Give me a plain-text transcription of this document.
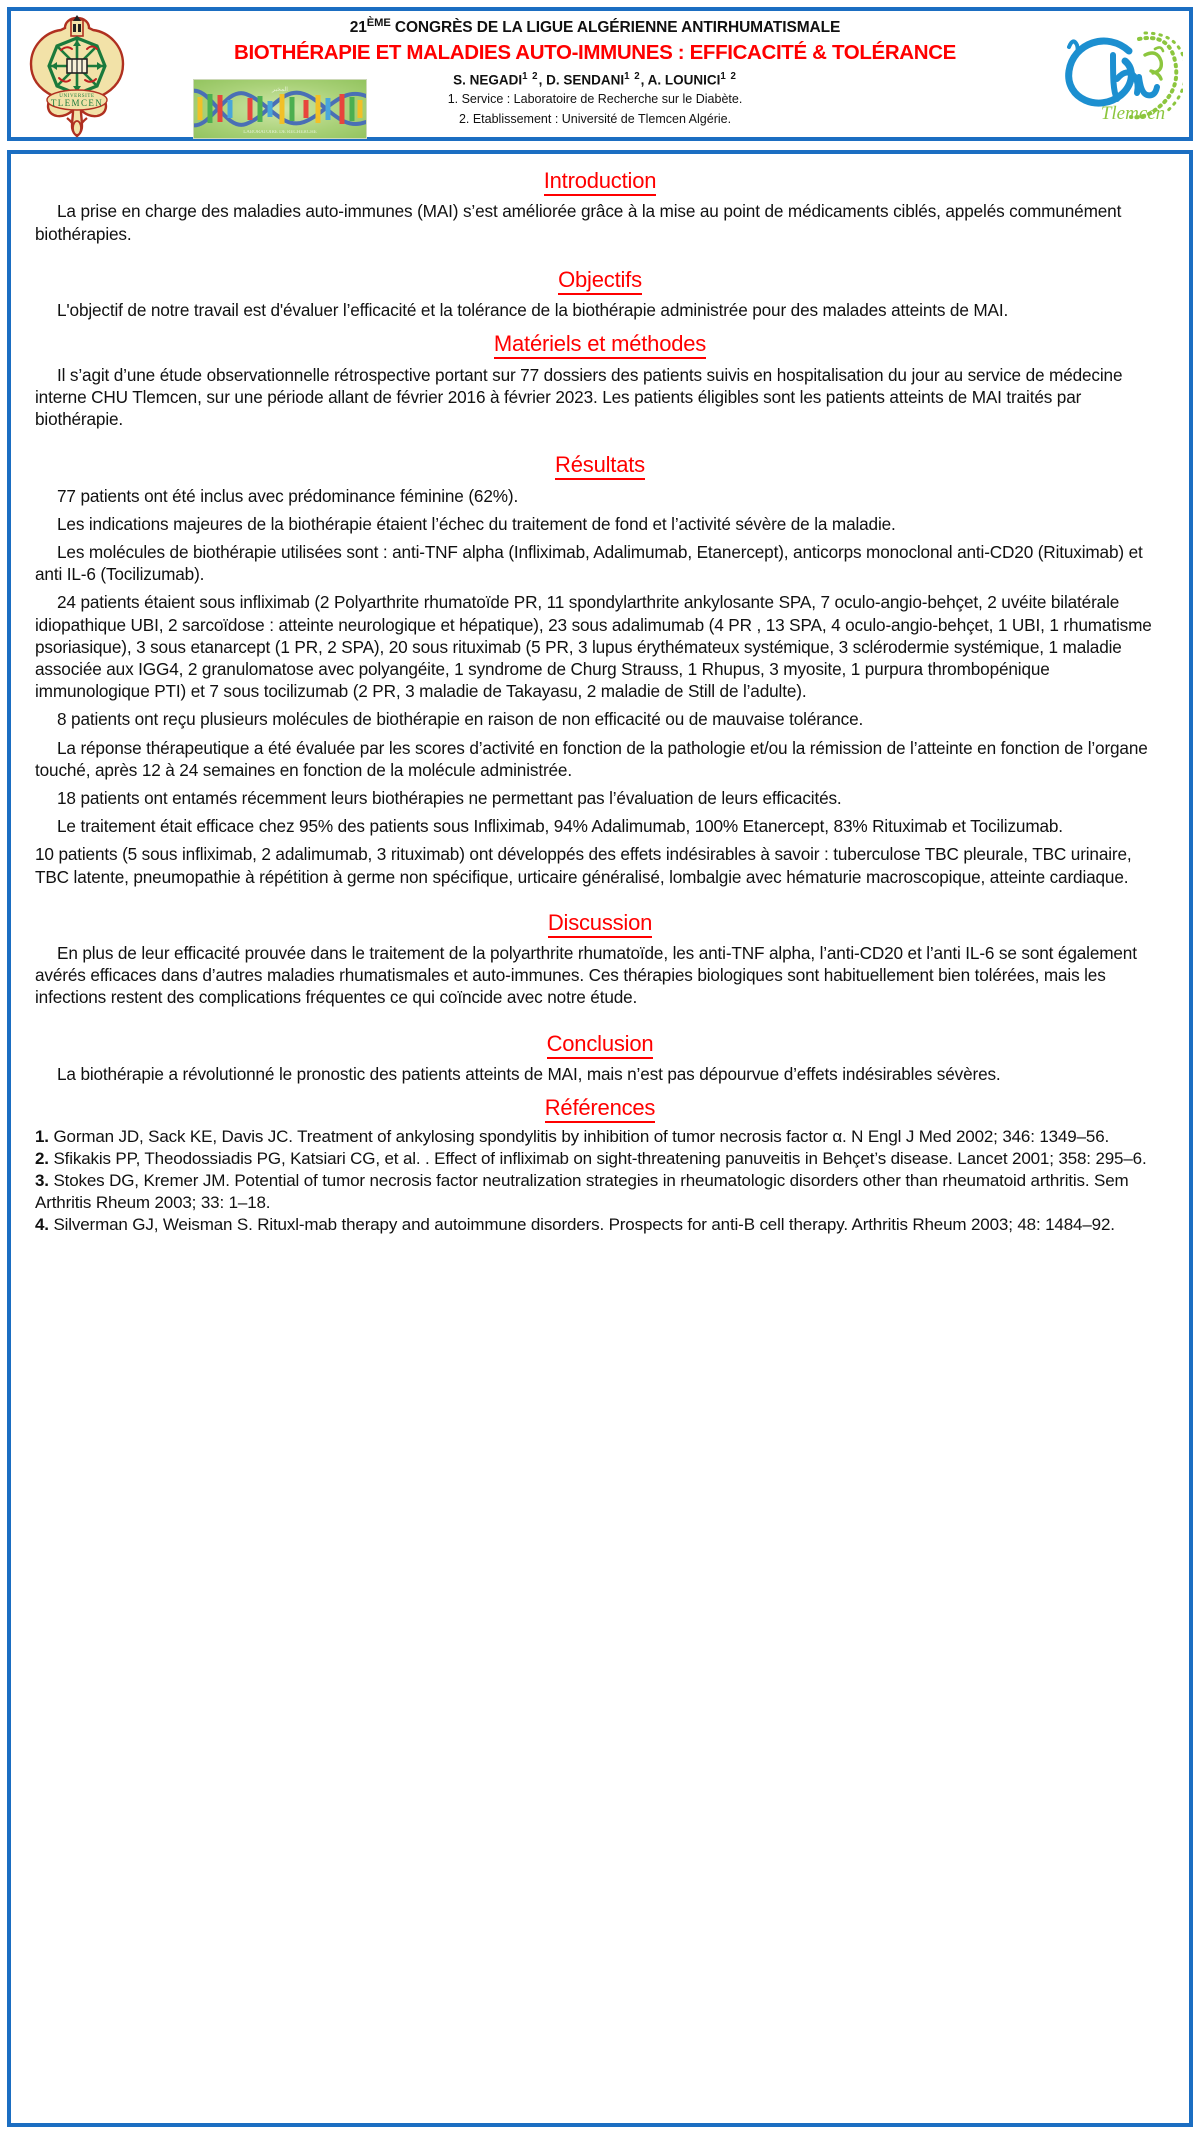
UNIVERSITE
TLEMCEN
المخبر
LABORATOIRE DE RECHERCHE
Tlemcen
21ÈME CONGRÈS DE LA LIGUE ALGÉRIENNE ANTIRHUMATISMALE
BIOTHÉRAPIE ET MALADIES AUTO-IMMUNES : EFFICACITÉ & TOLÉRANCE
S. $NEGADI^{1 2}$, D. $SENDANI^{1 2}$, A. $LOUNICI^{1 2}$
1. Service : Laboratoire de Recherche sur le Diabète.
2. Etablissement : Université de Tlemcen Algérie.
Introduction

La prise en charge des maladies auto-immunes (MAI) s’est améliorée grâce à la mise au point de médicaments ciblés, appelés communément biothérapies.

Objectifs

L'objectif de notre travail est d'évaluer l’efficacité et la tolérance de la biothérapie administrée pour des malades atteints de MAI.

Matériels et méthodes

Il s’agit d’une étude observationnelle rétrospective portant sur 77 dossiers des patients suivis en hospitalisation du jour au service de médecine interne CHU Tlemcen, sur une période allant de février 2016 à février 2023. Les patients éligibles sont les patients atteints de MAI traités par biothérapie.

Résultats

77 patients ont été inclus avec prédominance féminine (62%).

Les indications majeures de la biothérapie étaient l’échec du traitement de fond et l’activité sévère de la maladie.

Les molécules de biothérapie utilisées sont : anti-TNF alpha (Infliximab, Adalimumab, Etanercept), anticorps monoclonal anti-CD20 (Rituximab) et anti IL-6 (Tocilizumab).

24 patients étaient sous infliximab (2 Polyarthrite rhumatoïde PR, 11 spondylarthrite ankylosante SPA, 7 oculo-angio-behçet, 2 uvéite bilatérale idiopathique UBI, 2 sarcoïdose : atteinte neurologique et hépatique), 23 sous adalimumab (4 PR , 13 SPA, 4 oculo-angio-behçet, 1 UBI, 1 rhumatisme psoriasique), 3 sous etanarcept (1 PR, 2 SPA), 20 sous rituximab (5 PR, 3 lupus érythémateux systémique, 3 sclérodermie systémique, 1 maladie associée aux IGG4, 2 granulomatose avec polyangéite, 1 syndrome de Churg Strauss, 1 Rhupus, 3 myosite, 1 purpura thrombopénique immunologique PTI) et 7 sous tocilizumab (2 PR, 3 maladie de Takayasu, 2 maladie de Still de l’adulte).

8 patients ont reçu plusieurs molécules de biothérapie en raison de non efficacité ou de mauvaise tolérance.

La réponse thérapeutique a été évaluée par les scores d’activité en fonction de la pathologie et/ou la rémission de l’atteinte en fonction de l’organe touché, après 12 à 24 semaines en fonction de la molécule administrée.

18 patients ont entamés récemment leurs biothérapies ne permettant pas l’évaluation de leurs efficacités.

Le traitement était efficace chez 95% des patients sous Infliximab, 94% Adalimumab, 100% Etanercept, 83% Rituximab et Tocilizumab.

10 patients (5 sous infliximab, 2 adalimumab, 3 rituximab) ont développés des effets indésirables à savoir : tuberculose TBC pleurale, TBC urinaire, TBC latente, pneumopathie à répétition à germe non spécifique, urticaire généralisé, lombalgie avec hématurie macroscopique, atteinte cardiaque.

Discussion

En plus de leur efficacité prouvée dans le traitement de la polyarthrite rhumatoïde, les anti-TNF alpha, l’anti-CD20 et l’anti IL-6 se sont également avérés efficaces dans d’autres maladies rhumatismales et auto-immunes. Ces thérapies biologiques sont habituellement bien tolérées, mais les infections restent des complications fréquentes ce qui coïncide avec notre étude.

Conclusion

La biothérapie a révolutionné le pronostic des patients atteints de MAI, mais n’est pas dépourvue d’effets indésirables sévères.

Références
1. Gorman JD, Sack KE, Davis JC. Treatment of ankylosing spondylitis by inhibition of tumor necrosis factor α. N Engl J Med 2002; 346: 1349–56.
2. Sfikakis PP, Theodossiadis PG, Katsiari CG, et al. . Effect of infliximab on sight-threatening panuveitis in Behçet’s disease. Lancet 2001; 358: 295–6.
3. Stokes DG, Kremer JM. Potential of tumor necrosis factor neutralization strategies in rheumatologic disorders other than rheumatoid arthritis. Sem Arthritis Rheum 2003; 33: 1–18.
4. Silverman GJ, Weisman S. Rituxl-mab therapy and autoimmune disorders. Prospects for anti-B cell therapy. Arthritis Rheum 2003; 48: 1484–92.
